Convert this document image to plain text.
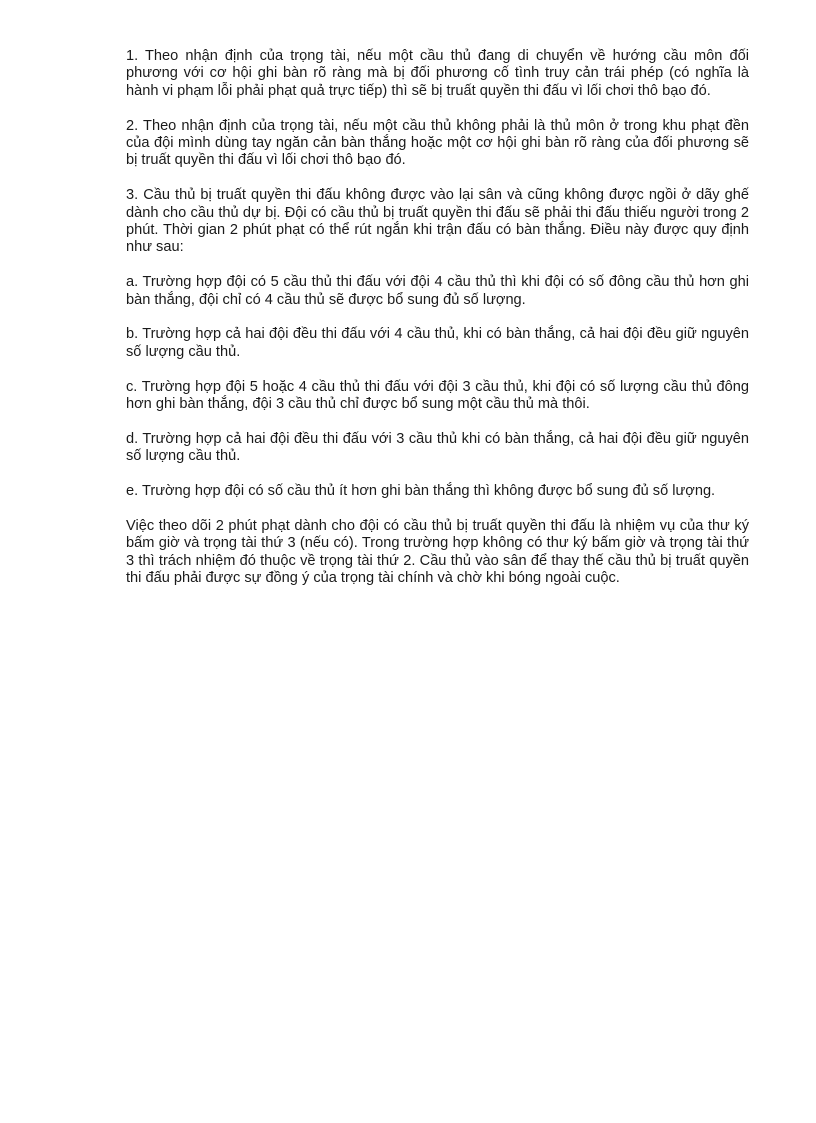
1. Theo nhận định của trọng tài, nếu một cầu thủ đang di chuyển về hướng cầu môn đối phương với cơ hội ghi bàn rõ ràng mà bị đối phương cố tình truy cản trái phép (có nghĩa là hành vi phạm lỗi phải phạt quả trực tiếp) thì sẽ bị truất quyền thi đấu vì lối chơi thô bạo đó.

2. Theo nhận định của trọng tài, nếu một cầu thủ không phải là thủ môn ở trong khu phạt đền của đội mình dùng tay ngăn cản bàn thắng hoặc một cơ hội ghi bàn rõ ràng của đối phương sẽ bị truất quyền thi đấu vì lối chơi thô bạo đó.

3. Cầu thủ bị truất quyền thi đấu không được vào lại sân và cũng không được ngồi ở dãy ghế dành cho cầu thủ dự bị. Đội có cầu thủ bị truất quyền thi đấu sẽ phải thi đấu thiếu người trong 2 phút. Thời gian 2 phút phạt có thể rút ngắn khi trận đấu có bàn thắng. Điều này được quy định như sau:

a. Trường hợp đội có 5 cầu thủ thi đấu với đội 4 cầu thủ thì khi đội có số đông cầu thủ hơn ghi bàn thắng, đội chỉ có 4 cầu thủ sẽ được bổ sung đủ số lượng.

b. Trường hợp cả hai đội đều thi đấu với 4 cầu thủ, khi có bàn thắng, cả hai đội đều giữ nguyên số lượng cầu thủ.

c. Trường hợp đội 5 hoặc 4 cầu thủ thi đấu với đội 3 cầu thủ, khi đội có số lượng cầu thủ đông hơn ghi bàn thắng, đội 3 cầu thủ chỉ được bổ sung một cầu thủ mà thôi.

d. Trường hợp cả hai đội đều thi đấu với 3 cầu thủ khi có bàn thắng, cả hai đội đều giữ nguyên số lượng cầu thủ.

e. Trường hợp đội có số cầu thủ ít hơn ghi bàn thắng thì không được bổ sung đủ số lượng.

Việc theo dõi 2 phút phạt dành cho đội có cầu thủ bị truất quyền thi đấu là nhiệm vụ của thư ký bấm giờ và trọng tài thứ 3 (nếu có). Trong trường hợp không có thư ký bấm giờ và trọng tài thứ 3 thì trách nhiệm đó thuộc về trọng tài thứ 2. Cầu thủ vào sân để thay thế cầu thủ bị truất quyền thi đấu phải được sự đồng ý của trọng tài chính và chờ khi bóng ngoài cuộc.
